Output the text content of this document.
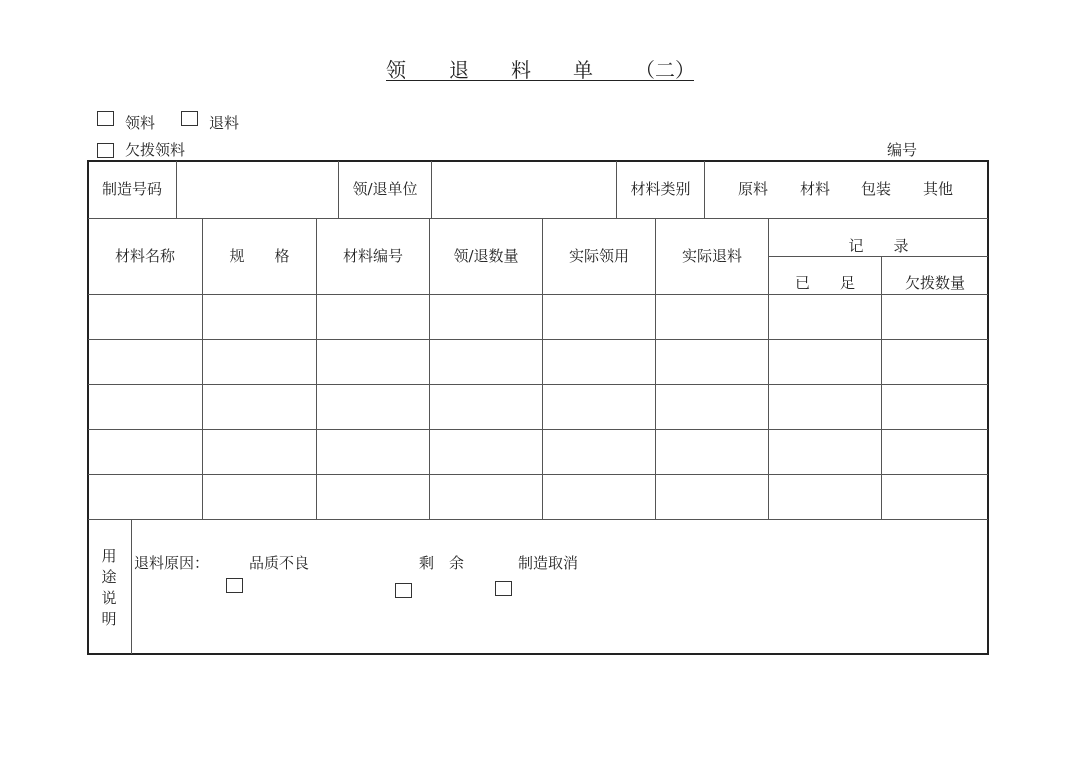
领 退 料 单 （二）
领料	退料
欠拨领料	编号
制造号码	领/退单位	材料类别	原料 材料 包装 其他
材料名称	规　　格	材料编号	领/退数量	实际领用	实际退料
记　　录
已　　足	欠拨数量
用途说明
退料原因：	品质不良	剩　余	制造取消
